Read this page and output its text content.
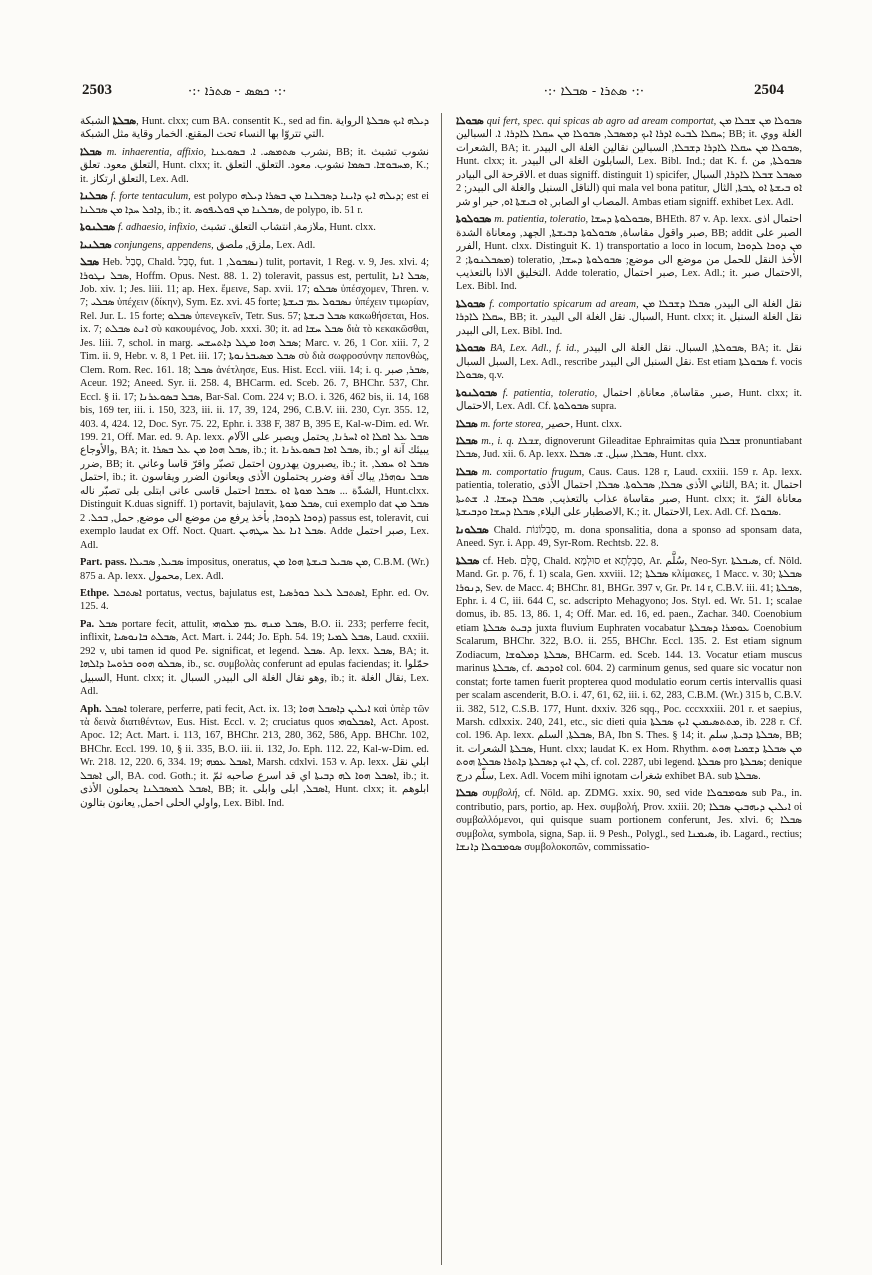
2503	·:· ܟܣܣ - ܣܬܪܐ ·:·	·:· ܣܬܪܐ - ܣܒܠܐ ·:·	2504

ܣܒܠܬܐ الشبكة, Hunt. clxx; cum BA. consentit K., sed ad fin. ܕܝܠܗ ܐܝܟ ܣܒܠܬܐ الرواية التي تتروّا بها النساء تحت المقنع. الخمار وقاية مثل الشبكة.

ܣܒܠܐ m. inhaerentia, affixio, نشرب ܣܬܡܣܝ. ܐ. ܒܣܘܥܢܐ, BB; it. نشوب تشبث التعلق معود. تعلق, Hunt. clxx; it. ܡܚܒܘܫܐ. ܒܣܡܐ نشوب. معود. التعلق. التعلق, K.; it. التعلق ارتكاز, Lex. Adl.

ܣܒܠܢܐ f. forte tentaculum, est polypo ܕܝܠܗ ܐܝܟ ܕܐܝܢܐ ܕܣܒܠܢܐ ܡܢ ܒܣܪܐ ܕܝܠܗ; est ei ܕܐܟܠ ܚܕܐ ܡܢ ܣܒܠܢܐ, ib.; it. ܣܒܠܢܐ ܡܢ ܦܘܠܝܦܘܣ, de polypo, ib. 51 r.

ܣܒܠܢܘܬܐ f. adhaesio, infixio, ملازمة, انتشاب التعلق. تشبث, Hunt. clxx.

ܣܒܠܢܝܐ conjungens, appendens, ملزق, ملصق, Lex. Adl.

ܣܒܠ Heb. סָבַל, Chald. סְבַל, fut. ܢܣܒܘܠ, 1) tulit, portavit, 1 Reg. v. 9, Jes. xlvi. 4; ܣܒܠ ܢܛܘܪܐ, Hoffm. Opus. Nest. 88. 1. 2) toleravit, passus est, pertulit, ܣܒܠ ܐܢܐ, Job. xiv. 1; Jes. liii. 11; ap. Hex. ἔμεινε, Sap. xvii. 17; ܣܒܠܘ ὑπέσχομεν, Thren. v. 7; ܣܒܠܝ ὑπέχειν (δίκην), Sym. Ez. xvi. 45 forte; ܢܣܒܘܠ ܥܡ ܒܝܫܬܐ ὑπέχειν τιμωρίαν, Rel. Jur. L. 15 forte; ܣܒܠܘ ὑπενεγκεῖν, Tetr. Sus. 57; ܣܒܠ ܒܝܫܬܐ κακωθήσεται, Hos. ix. 7; ܐܢܬ ܣܒܠܬ σὺ κακουμένος, Job. xxxi. 30; it. ad ܣܒܠ ܚܫܐ διὰ τὸ κεκακῶσθαι, Jes. liii. 7, schol. in marg. ܣܒܠ ܗܘܐ ܡܛܠ ܕܐܬܚܫܚ; Marc. v. 26, 1 Cor. xiii. 7, 2 Tim. ii. 9, Hebr. v. 8, 1 Pet. iii. 17; ܣܒܠ ܡܣܝܒܪܢܘܬܐ σὺ διὰ σωφροσύνην πεπονθὼς, Clem. Rom. Rec. 161. 18; ܣܒܠ ἀνέτλησε, Eus. Hist. Eccl. viii. 14; i. q. ܣܒܪ, صبر, Aceur. 192; Aneed. Syr. ii. 258. 4, BHCarm. ed. Sceb. 26. 7, BHChr. 537, Chr. Eccl. § ii. 17; ܣܒܠ ܒܣܘܥܪܢܐ, Bar-Sal. Com. 224 v; B.O. i. 326, 462 bis, ii. 14, 168 bis, 169 ter, iii. i. 150, 323, iii. ii. 17, 39, 124, 296, C.B.V. iii. 230, Cyr. 355. 12, 403. 4, 424. 12, Doc. Syr. 75. 22, Ephr. i. 338 F, 387 B, 395 E, Kal-w-Dim. ed. Wr. 199. 21, Off. Mar. ed. 9. Ap. lexx. ܣܒܠ ܥܠ ܐܩܠܐ ܐܘ ܐܚܪܢܐ, يحتمل ويصبر على الآلام والأوجاع, BA; it. ܣܒܠ ܗܘܐ ܡܢ ܥܠ ܒܣܪܐ, ib.; it. ܣܒܠ ܐܡܐ ܒܣܘܥܪܢܐ, ib.; يبيئك آنة او ضرر, BB; it. يصبرون يهدرون احتمل تصبّر واقرّ قاسا وعاني, ib.; it. ܣܒܠ ܐܘ ܚܡܠ, احتمل, ib.; it. ܣܒܠ ܢܘܗܪܐ, يباك آفة وضرر يحتملون الأذى ويعانون الضرر ويقاسون الشدّة ... ܣܒܠ ܡܘܬܐ ܐܘ ܥܫܩܐ احتمل قاسى عانى ابتلى بلى تصبّر ناله, Hunt.clxx. Distinguit K.duas signiff. 1) portavit, bajulavit, ܣܒܠ ܡܘܬܐ, cui exemplo dat ܣܒܠ ܡܢ ܕܘܟܐ ܠܕܘܟܐ, بأخذ يرفع من موضع الى موضع, حمل, ܒܟܠ. 2) passus est, toleravit, cui exemplo laudat ex Off. Noct. Quart. ܣܒܠ ܐܢܐ ܥܠ ܚܛܗܝܢ. Adde صبر احتمل, Lex. Adl.

Part. pass. ܣܒܝܠ, ܣܒܝܠܐ impositus, oneratus, ܡܢ ܣܒܝܠ ܒܝܫܬܐ ܗܘܐ ܡܢ, C.B.M. (Wr.) 875 a. Ap. lexx. محمول, Lex. Adl.

Ethpe. ܐܣܬܒܠ portatus, vectus, bajulatus est, ܐܣܬܒܠ ܠܥܠ ܟܘܪܣܝܐ, Ephr. ed. Ov. 125. 4.

Pa. ܣܒܠ portare fecit, attulit, ܣܒܠ ܡܢܗ ܥܡ ܡܠܘܗܝ, B.O. ii. 233; perferre fecit, inflixit, ܣܒܠܬ ܒܐܢܘܣܝܐ, Act. Mart. i. 244; Jo. Eph. 54. 19; ܣܒܠ ܠܡܝܐ, Laud. cxxiii. 292 v, ubi tamen id quod Pe. significat, et legend. ܣܒܠ. Ap. lexx. ܣܒܠ, BA; it. ܣܒܠܘ ܗܘܘ ܒܪܘܚܐ ܕܐܠܗܐ, ib., sc. συμβολὰς conferunt ad epulas faciendas; it. حمّلوا السبيل, Hunt. clxx; it. وهو نقال الغلة الى البيدر, السبال, ib.; it. نقال الغلة, Lex. Adl.

Aph. ܐܣܒܠ tolerare, perferre, pati fecit, Act. ix. 13; ܐܝܠܝܢ ܕܐܣܒܠ ܗܘܐ καὶ ὑπὲρ τῶν τὰ δεινὰ διατιθέντων, Eus. Hist. Eccl. v. 2; cruciatus quos ܐܣܒܠܘܗܝ, Act. Apost. Apoc. 12; Act. Mart. i. 113, 167, BHChr. 213, 280, 362, 586, App. BHChr. 102, BHChr. Eccl. 199. 10, § ii. 335, B.O. iii. ii. 132, Jo. Eph. 112. 22, Kal-w-Dim. ed. Wr. 218. 12, 220. 6, 334. 19; ܐܣܒܠ ܥܡܗ, Marsh. cdxlvi. 153 v. Ap. lexx. ابلي نقل الى ܐܣܒܠ, BA. cod. Goth.; it. ܐܣܒܠ ܗܘܐ ܠܗ ܕܒܝܬܐ اي قد اسرع صاحبه ثمّ, ib.; it. ܐܣܒܠ ܠܡܣܒܠܢܐ يحملون الأذى, BB; it. ܐܣܒܠ, ابلى وابلى, Hunt. clxx; it. ابلوهم واولي الحلى احمل, يعانون بتالون, Lex. Bibl. Ind.

ܣܒܘܠܐ qui fert, spec. qui spicas ab agro ad aream comportat, ܣܒܘܠܐ ܡܢ ܫܒܠܐ ܡܢ ܚܩܠܐ ܠܒܝܬ ܐܕܪܐ ܐܝܟ ܕܡܣܒܠ, ܣܒܘܠܐ ܡܢ ܚܩܠܐ ܠܐܕܪܐ. ܐ. السبالين; BB; it. الغلة ووي الشعرات, BA; it. ܣܒܘܠܐ ܡܢ ܚܩܠܐ ܠܐܕܪܐ ܕܫܒܠܐ, السبالين نقالين الغلة الى البيدر, Hunt. clxx; it. السابلون الغلة الى البيدر, Lex. Bibl. Ind.; dat K. f. ܣܒܘܠܬܐ, من الاقرحة الى البيادر. et duas signiff. distinguit 1) spicifer, ܡܣܒܠ ܫܒܠܐ ܠܐܕܪܐ, السبال الناقل السنبل والغلة الى البيدر; 2) qui mala vel bona patitur, ܐܘ ܒܝܫܬܐ ܐܘ ܛܒܬܐ, الثال المصاب او الصابر, ܐܘ ܒܝܫܬܐ ܐܘ, حير او شر. Ambas etiam signiff. exhibet Lex. Adl.

ܣܒܘܠܘܬܐ m. patientia, toleratio, ܣܒܘܠܘܬܐ ܕܚܫܐ, BHEth. 87 v. Ap. lexx. احتمال اذى صبر واقول مقاساة, ܣܒܘܠܘܬܐ ܕܒܝܫܬܐ, الجهد, ومعاناة الشدة, BB; addit الصبر على الفرر, Hunt. clxx. Distinguit K. 1) transportatio a loco in locum, ܡܢ ܕܘܟܐ ܠܕܘܟܐ ܡܣܒܠܢܘܬܐ; 2) toleratio, الأخذ النقل للحمل من موضع الى موضع; ܣܒܘܠܘܬܐ ܕܚܫܐ, التخليق الاذا بالتعذيب. Adde toleratio, صبر احتمال, Lex. Adl.; it. الاحتمال صبر, Lex. Bibl. Ind.

ܣܒܘܠܬܐ f. comportatio spicarum ad aream, نقل الغلة الى البيدر, ܣܒܠܐ ܕܫܒܠܐ ܡܢ ܚܩܠܐ ܠܐܕܪܐ, BB; it. السبال. نقل الغلة الى البيدر, Hunt. clxx; it. نقل الغلة السنبل الى البيدر, Lex. Bibl. Ind.

ܣܒܘܠܬܐ BA, Lex. Adl., f. id., ܣܒܘܠܬܐ, السبال. نقل الغلة الى البيدر, BA; it. نقل السبل السبال, Lex. Adl., rescribe نقل السنبل الى البيدر. Est etiam ܣܒܘܠܬܐ f. vocis ܣܒܘܠܐ, q.v.

ܣܒܘܠܢܘܬܐ f. patientia, toleratio, صبر, مقاساة, معاناة, احتمال, Hunt. clxx; it. الاحتمال, Lex. Adl. Cf. ܣܒܘܠܘܬܐ supra.

ܣܒܠܐ m. forte storea, حصير, Hunt. clxx.

ܣܒܠܐ m., i. q. ܫܒܠܐ, dignoverunt Gileaditae Ephraimitas quia ܫܒܠܐ pronuntiabant ܣܒܠܐ, Jud. xii. 6. Ap. lexx. ܣܒܠܐ, سبل. ܫ. ܣܒܠܐ, Hunt. clxx.

ܣܒܠܐ m. comportatio frugum, Caus. Caus. 128 r, Laud. cxxiii. 159 r. Ap. lexx. patientia, toleratio, الثاني الأذى ܣܒܠܐ, ܣܒܠܘܬܐ. ܣܒܠܐ, احتمال الأذى, BA; it. احتمال صبر مقاساة عذاب بالتعذيب, ܣܒܠܐ ܕܚܫܐ. ܐ. ܫܬܝܬܐ, Hunt. clxx; it. معاناة الفرّ الاصطبار على البلاء, ܣܒܠܐ ܕܚܫܐ ܘܕܒܝܫܬܐ, K.; it. الاحتمال, Lex. Adl. Cf. ܣܒܘܠܐ.

ܣܒܠܘܢܐ Chald. סִבְלוֹנוֹת, m. dona sponsalitia, dona a sponso ad sponsam data, Aneed. Syr. i. App. 49, Syr-Rom. Rechtsb. 22. 8.

ܣܒܠܬܐ cf. Heb. סֻלָּם, Chald. סוּלְמָא et סִבְלְתָא, Ar. سُلَّم, Neo-Syr. ܣܝܒܠܬܐ, cf. Nöld. Mand. Gr. p. 76, f. 1) scala, Gen. xxviii. 12; ܣܒܠܬܐ κλίμακες, 1 Macc. v. 30; ܣܒܠܬܐ ܕܢܘܪܐ, Sev. de Macc. 4; BHChr. 81, BHGr. 397 v, Gr. Pr. 14 r, C.B.V. iii. 41; ܣܒܠܬܐ, Ephr. i. 4 C, iii. 644 C, sc. adscripto Mehagyono; Jos. Styl. ed. Wr. 51. 1; scalae domus, ib. 85. 13, 86. 1, 4; Off. Mar. ed. 16, ed. paen., Zachar. 340. Coenobium etiam ܕܒܝܬ ܣܒܠܬܐ juxta fluvium Euphraten vocabatur ܥܘܡܪܐ ܕܣܒܠܬܐ Coenobium Scalarum, BHChr. 322, B.O. ii. 255, BHChr. Eccl. 135. 2. Est etiam signum Zodiacum, ܣܒܠܬܐ ܕܡܠܘܫܐ, BHCarm. ed. Sceb. 144. 13. Vocatur etiam muscus marinus ܣܒܠܬܐ, cf. ܐܘܕܟܣ col. 604. 2) carminum genus, sed quare sic vocatur non constat; forte tamen fuerit propterea quod modulatio eorum certis intervallis quasi per scalam ascenderit, B.O. i. 47, 61, 62, iii. i. 62, 283, C.B.M. (Wr.) 315 b, C.B.V. ii. 382, 512, C.S.B. 177, Hunt. dxxiv. 326 sqq., Poc. cccxxxiii. 201 r. et saepius, Marsh. cdlxxix. 240, 241, etc., sic dieti quia ܡܬܬܣܝܡܝܢ ܐܝܟ ܣܒܠܬܐ, ib. 228 r. Cf. col. 196. Ap. lexx. ܣܒܠܬܐ, السلم, BA, Ibn S. Thes. § 14; it. ܣܒܠܬܐ ܕܒܝܬܐ, سلم, BB; it. ܣܒܠܬܐ الشعرات, Hunt. clxx; laudat K. ex Hom. Rhythm. ܡܢ ܣܒܠܬܐ ܕܫܡܝܐ ܗܘܬ ܠܢ ܐܝܟ ܕܣܒܠܬܐ ܕܐܬܪܐ ܣܒܠܬܐ ܗܘܬ, cf. col. 2287, ubi legend. ܣܒܠܬܐ pro ܣܒܠܬܐ; denique سلّم درج, Lex. Adl. Vocem mihi ignotam شغرات exhibet BA. sub ܣܒܠܬܐ.

ܣܒܠܐ συμβολή, cf. Nöld. ap. ZDMG. xxix. 90, sed vide ܣܘܡܒܘܠܐ sub Pa., in. contributio, pars, portio, ap. Hex. συμβολή, Prov. xxiii. 20; ܐܝܠܝܢ ܕܝܗܒܝܢ ܣܒܠܐ οἱ συμβαλλόμενοι, qui quisque suam portionem conferunt, Jes. xlvi. 6; ܣܒܠܐ συμβολα, symbola, signa, Sap. ii. 9 Pesh., Polygl., sed ܣܝܡܢܐ, ib. Lagard., rectius; ܣܘܡܒܘܠܐ ܕܐܢܫܐ συμβολοκοπῶν, commissatio-
